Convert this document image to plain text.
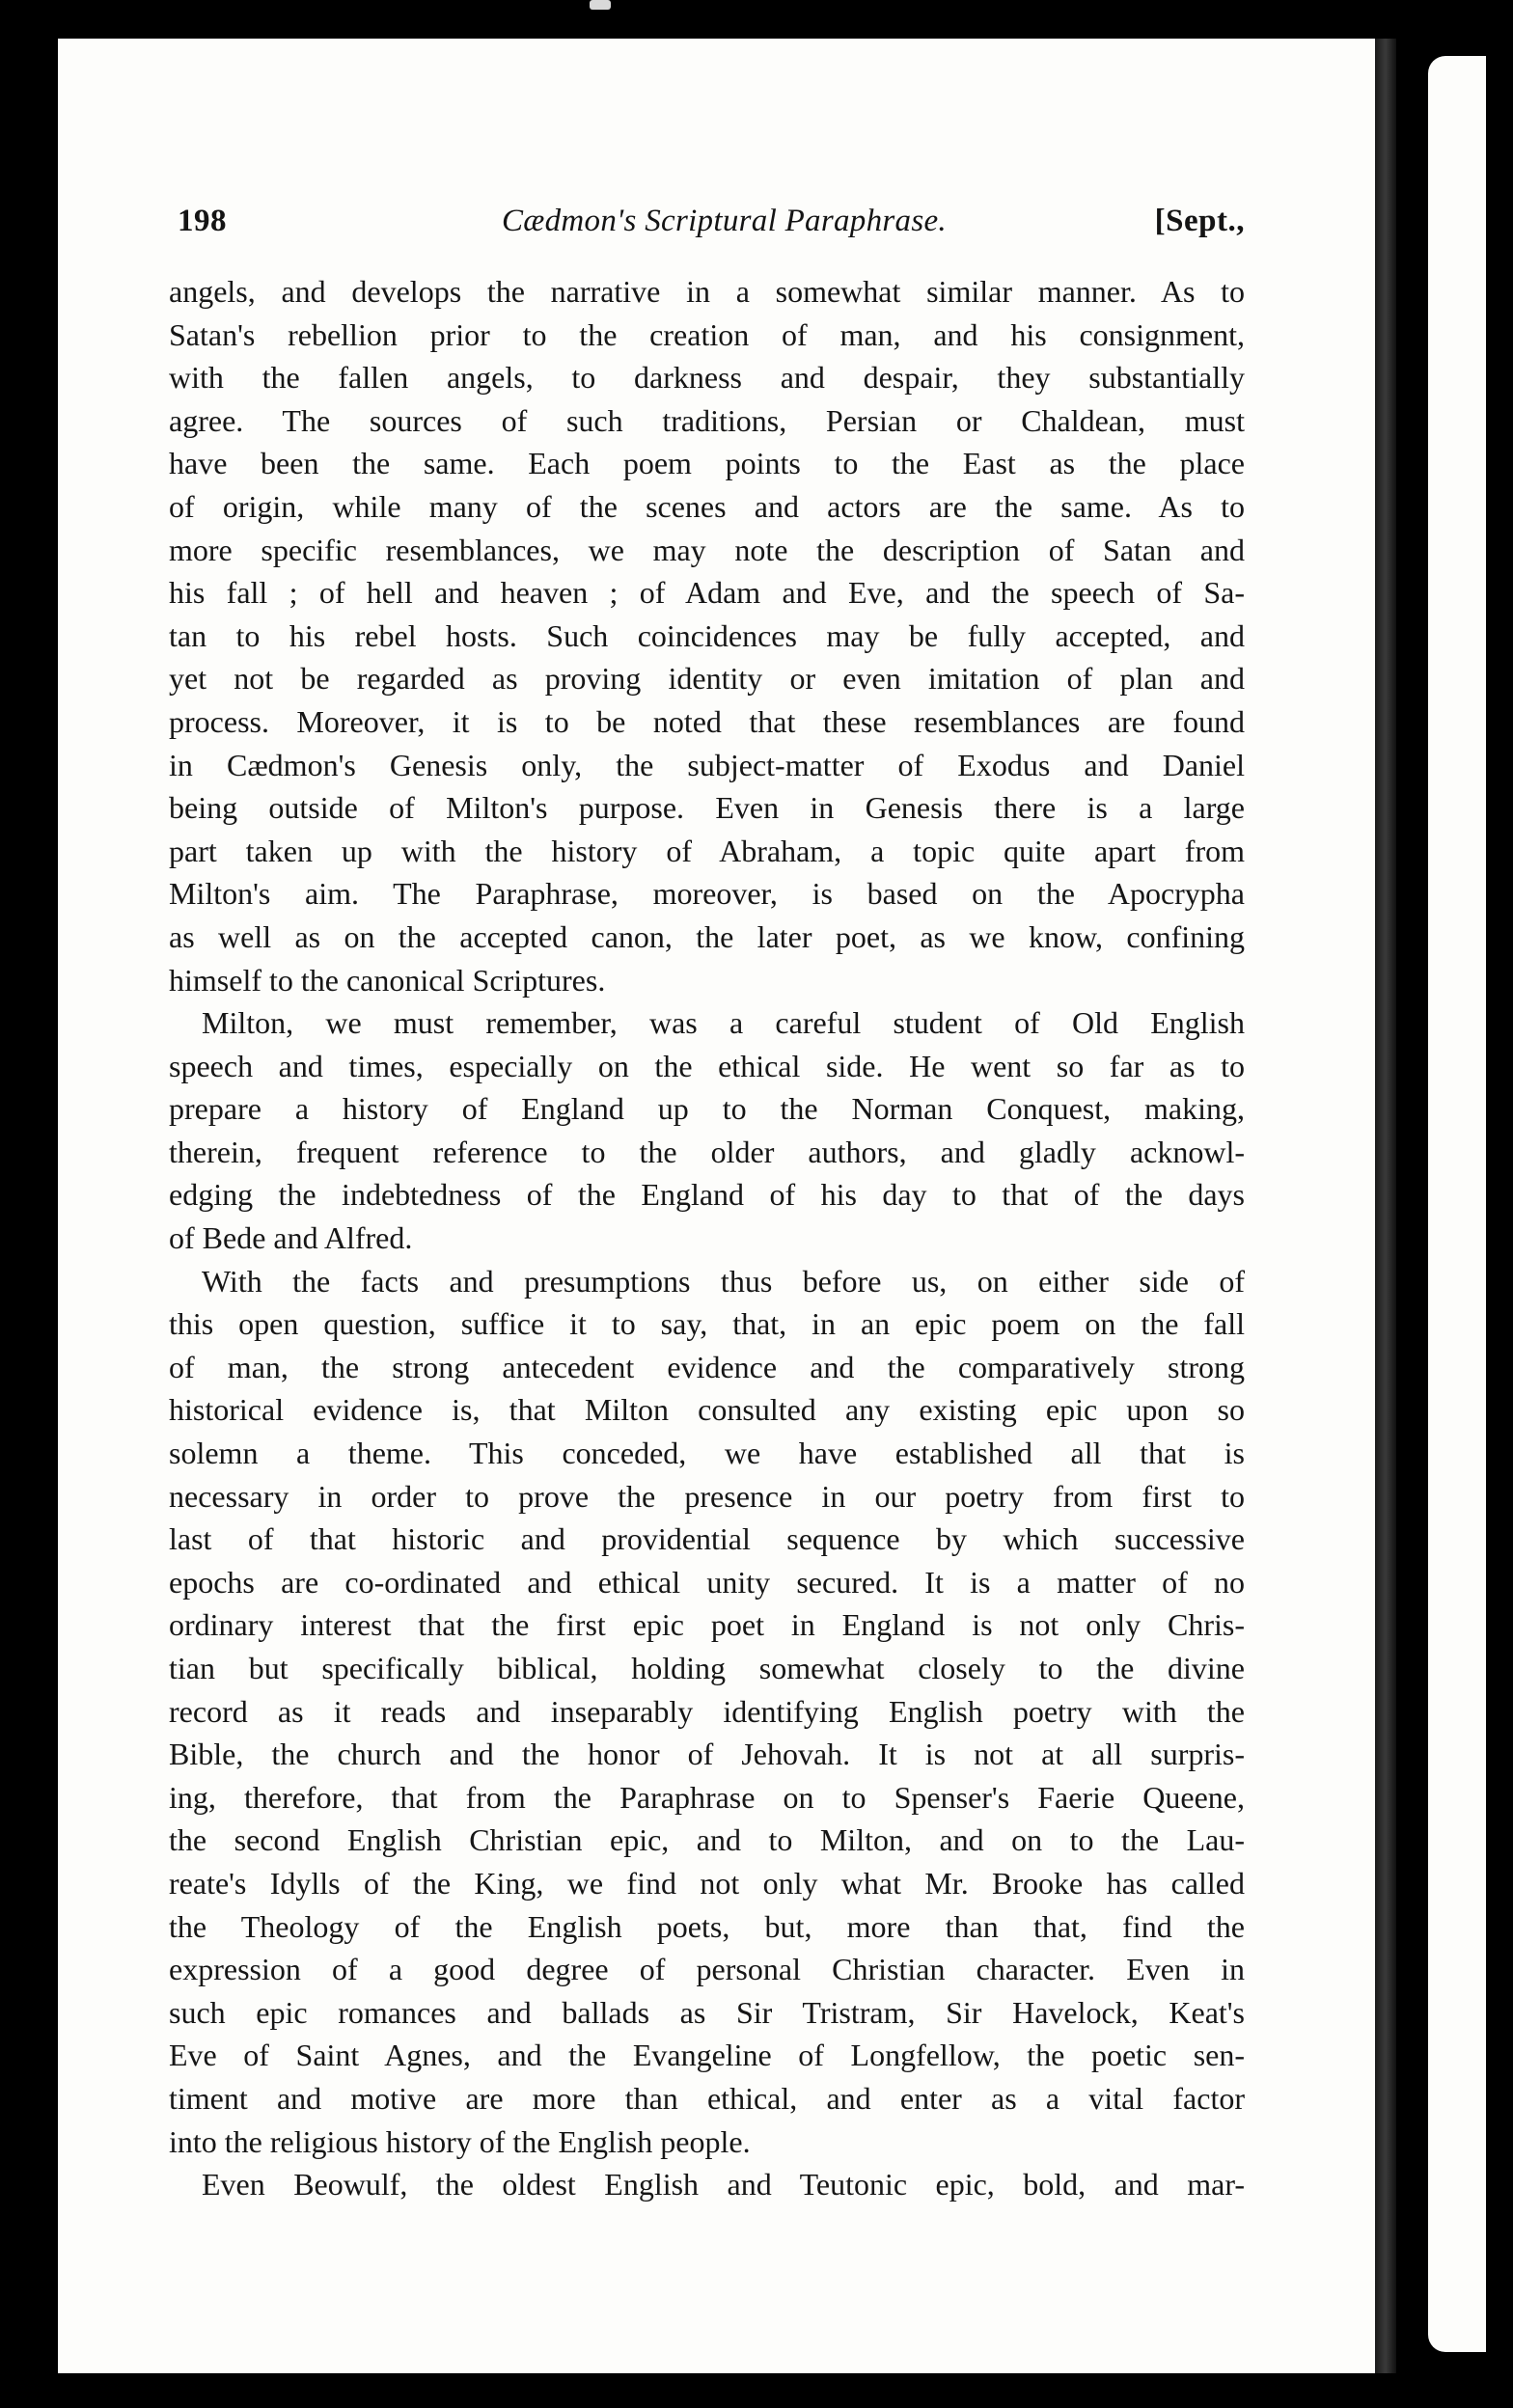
198	Cædmon's Scriptural Paraphrase.	[Sept.,
angels, and develops the narrative in a somewhat similar manner. As to
Satan's rebellion prior to the creation of man, and his consignment,
with the fallen angels, to darkness and despair, they substantially
agree. The sources of such traditions, Persian or Chaldean, must
have been the same. Each poem points to the East as the place
of origin, while many of the scenes and actors are the same. As to
more specific resemblances, we may note the description of Satan and
his fall ; of hell and heaven ; of Adam and Eve, and the speech of Sa-
tan to his rebel hosts. Such coincidences may be fully accepted, and
yet not be regarded as proving identity or even imitation of plan and
process. Moreover, it is to be noted that these resemblances are found
in Cædmon's Genesis only, the subject-matter of Exodus and Daniel
being outside of Milton's purpose. Even in Genesis there is a large
part taken up with the history of Abraham, a topic quite apart from
Milton's aim. The Paraphrase, moreover, is based on the Apocrypha
as well as on the accepted canon, the later poet, as we know, confining
himself to the canonical Scriptures.
Milton, we must remember, was a careful student of Old English
speech and times, especially on the ethical side. He went so far as to
prepare a history of England up to the Norman Conquest, making,
therein, frequent reference to the older authors, and gladly acknowl-
edging the indebtedness of the England of his day to that of the days
of Bede and Alfred.
With the facts and presumptions thus before us, on either side of
this open question, suffice it to say, that, in an epic poem on the fall
of man, the strong antecedent evidence and the comparatively strong
historical evidence is, that Milton consulted any existing epic upon so
solemn a theme. This conceded, we have established all that is
necessary in order to prove the presence in our poetry from first to
last of that historic and providential sequence by which successive
epochs are co-ordinated and ethical unity secured. It is a matter of no
ordinary interest that the first epic poet in England is not only Chris-
tian but specifically biblical, holding somewhat closely to the divine
record as it reads and inseparably identifying English poetry with the
Bible, the church and the honor of Jehovah. It is not at all surpris-
ing, therefore, that from the Paraphrase on to Spenser's Faerie Queene,
the second English Christian epic, and to Milton, and on to the Lau-
reate's Idylls of the King, we find not only what Mr. Brooke has called
the Theology of the English poets, but, more than that, find the
expression of a good degree of personal Christian character. Even in
such epic romances and ballads as Sir Tristram, Sir Havelock, Keat's
Eve of Saint Agnes, and the Evangeline of Longfellow, the poetic sen-
timent and motive are more than ethical, and enter as a vital factor
into the religious history of the English people.
Even Beowulf, the oldest English and Teutonic epic, bold, and mar-
